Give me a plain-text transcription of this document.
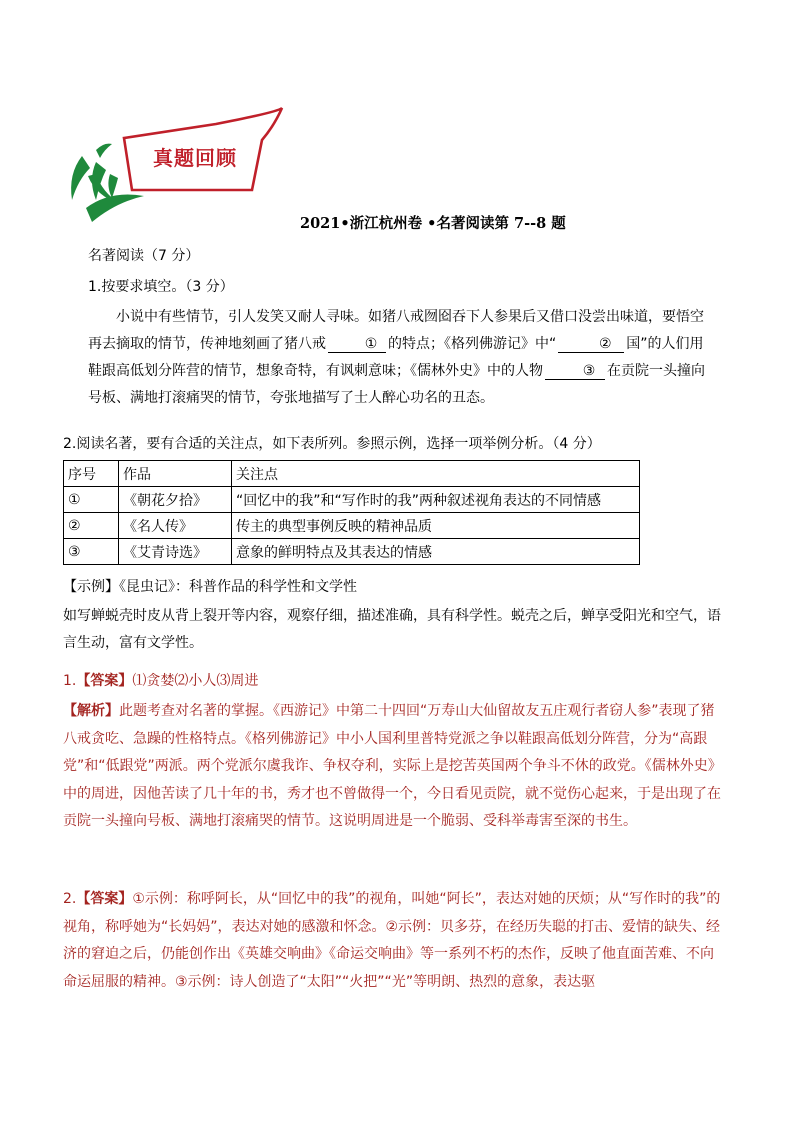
真题回顾
2021•浙江杭州卷 •名著阅读第 7--8 题
名著阅读（7 分）
1.按要求填空。（3 分）

小说中有些情节，引人发笑又耐人寻味。如猪八戒囫囵吞下人参果后又借口没尝出味道，要悟空再去摘取的情节，传神地刻画了猪八戒	① 的特点；《格列佛游记》中“	② 国”的人们用鞋跟高低划分阵营的情节，想象奇特，有讽刺意味；《儒林外史》中的人物	③ 在贡院一头撞向号板、满地打滚痛哭的情节，夸张地描写了士人醉心功名的丑态。

2.阅读名著，要有合适的关注点，如下表所列。参照示例，选择一项举例分析。（4 分）
序号	作品	关注点
①	《朝花夕拾》	“回忆中的我”和“写作时的我”两种叙述视角表达的不同情感
②	《名人传》	传主的典型事例反映的精神品质
③	《艾青诗选》	意象的鲜明特点及其表达的情感
【示例】《昆虫记》：科普作品的科学性和文学性

如写蝉蜕壳时皮从背上裂开等内容，观察仔细，描述准确，具有科学性。蜕壳之后，蝉享受阳光和空气，语言生动，富有文学性。

1.【答案】⑴贪婪⑵小人⑶周进

【解析】此题考查对名著的掌握。《西游记》中第二十四回“万寿山大仙留故友五庄观行者窃人参”表现了猪八戒贪吃、急躁的性格特点。《格列佛游记》中小人国利里普特党派之争以鞋跟高低划分阵营，分为“高跟党”和“低跟党”两派。两个党派尔虞我诈、争权夺利，实际上是挖苦英国两个争斗不休的政党。《儒林外史》中的周进，因他苦读了几十年的书，秀才也不曾做得一个，今日看见贡院，就不觉伤心起来，于是出现了在贡院一头撞向号板、满地打滚痛哭的情节。这说明周进是一个脆弱、受科举毒害至深的书生。

2.【答案】①示例：称呼阿长，从“回忆中的我”的视角，叫她“阿长”，表达对她的厌烦；从“写作时的我”的视角，称呼她为“长妈妈”，表达对她的感激和怀念。②示例：贝多芬，在经历失聪的打击、爱情的缺失、经济的窘迫之后，仍能创作出《英雄交响曲》《命运交响曲》等一系列不朽的杰作，反映了他直面苦难、不向命运屈服的精神。③示例：诗人创造了“太阳”“火把”“光”等明朗、热烈的意象，表达驱
